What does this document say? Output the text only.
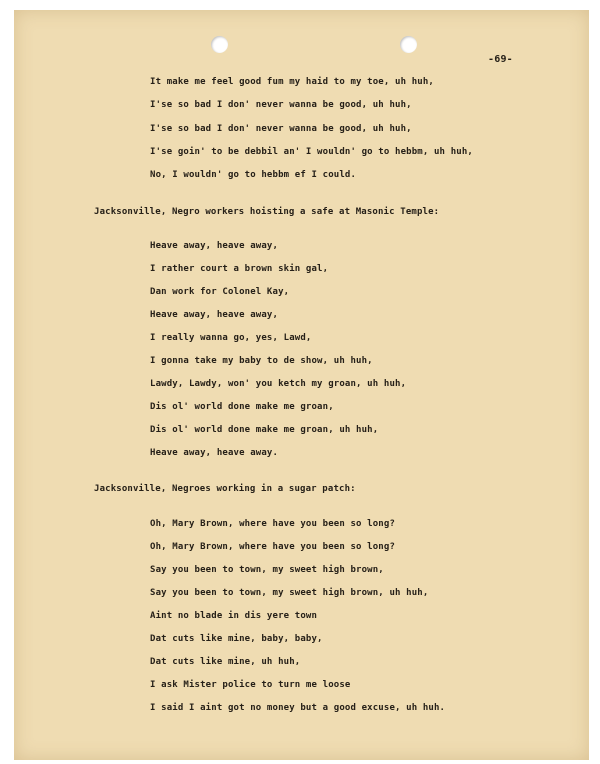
-69-
It make me feel good fum my haid to my toe, uh huh,
I'se so bad I don' never wanna be good, uh huh,
I'se so bad I don' never wanna be good, uh huh,
I'se goin' to be debbil an' I wouldn' go to hebbm, uh huh,
No, I wouldn' go to hebbm ef I could.
Jacksonville, Negro workers hoisting a safe at Masonic Temple:
Heave away, heave away,
I rather court a brown skin gal,
Dan work for Colonel Kay,
Heave away, heave away,
I really wanna go, yes, Lawd,
I gonna take my baby to de show, uh huh,
Lawdy, Lawdy, won' you ketch my groan, uh huh,
Dis ol' world done make me groan,
Dis ol' world done make me groan, uh huh,
Heave away, heave away.
Jacksonville, Negroes working in a sugar patch:
Oh, Mary Brown, where have you been so long?
Oh, Mary Brown, where have you been so long?
Say you been to town, my sweet high brown,
Say you been to town, my sweet high brown, uh huh,
Aint no blade in dis yere town
Dat cuts like mine, baby, baby,
Dat cuts like mine, uh huh,
I ask Mister police to turn me loose
I said I aint got no money but a good excuse, uh huh.
